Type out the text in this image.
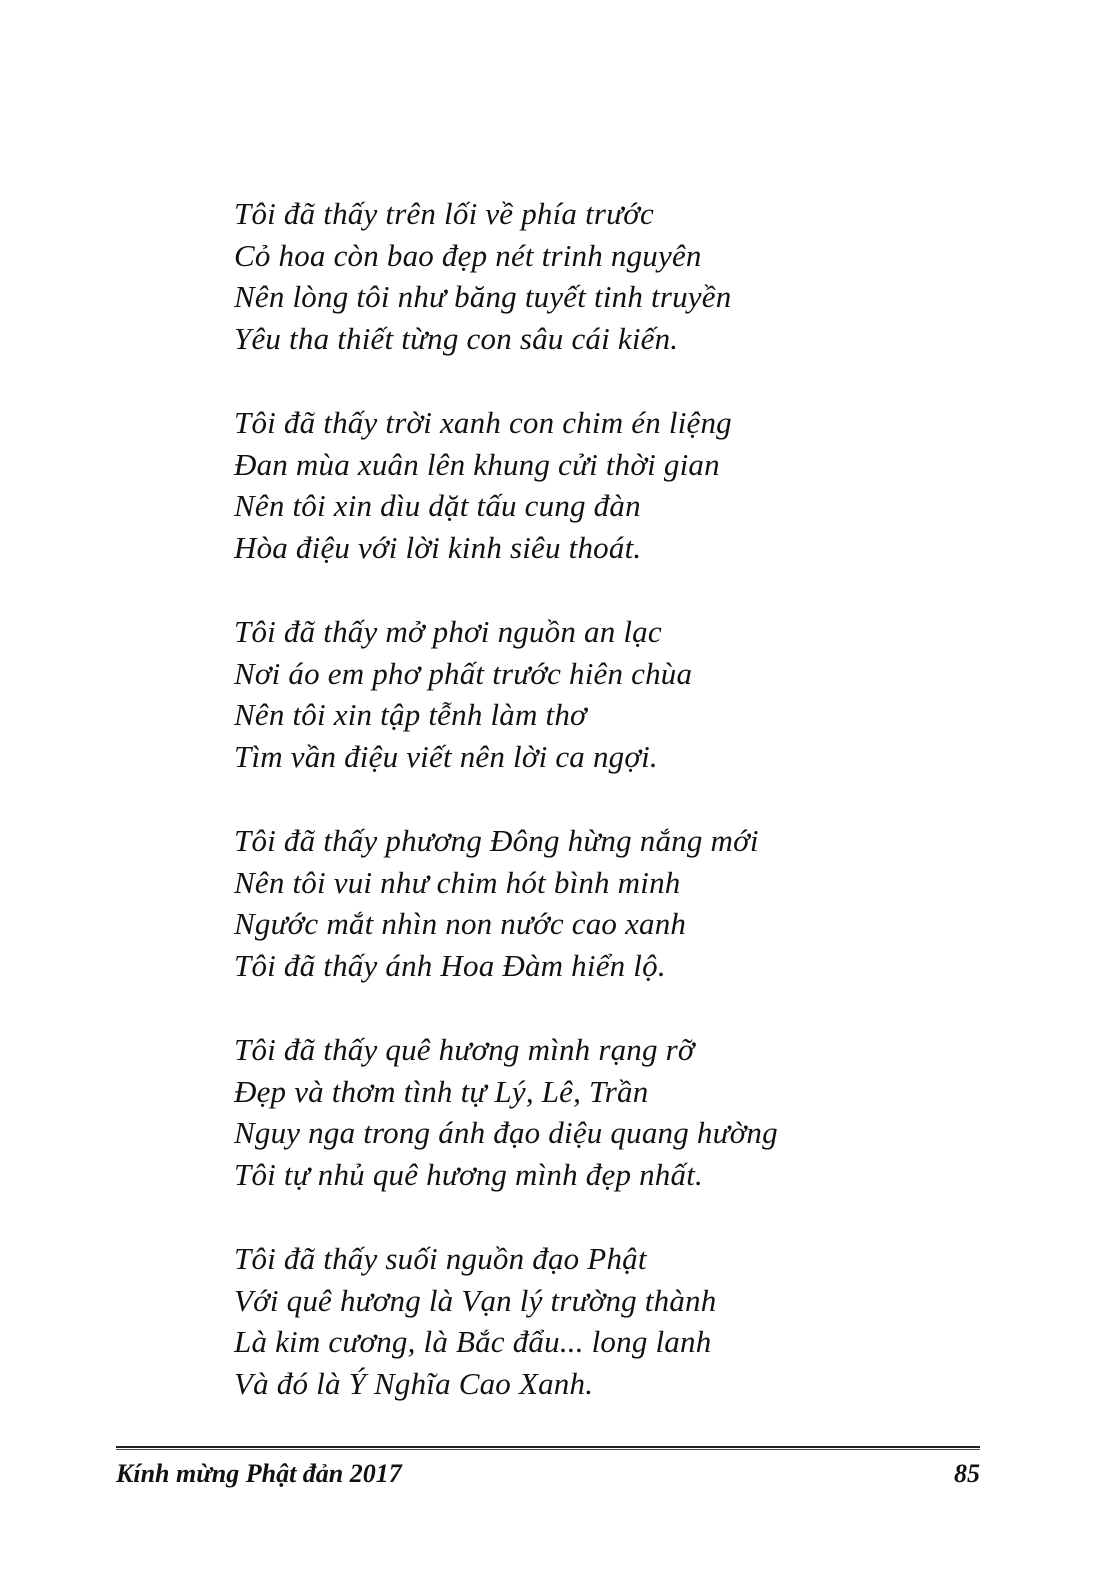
Tôi đã thấy trên lối về phía trước
Cỏ hoa còn bao đẹp nét trinh nguyên
Nên lòng tôi như băng tuyết tinh truyền
Yêu tha thiết từng con sâu cái kiến.
Tôi đã thấy trời xanh con chim én liệng
Đan mùa xuân lên khung cửi thời gian
Nên tôi xin dìu dặt tấu cung đàn
Hòa điệu với lời kinh siêu thoát.
Tôi đã thấy mở phơi nguồn an lạc
Nơi áo em phơ phất trước hiên chùa
Nên tôi xin tập tễnh làm thơ
Tìm vần điệu viết nên lời ca ngợi.
Tôi đã thấy phương Đông hừng nắng mới
Nên tôi vui như chim hót bình minh
Ngước mắt nhìn non nước cao xanh
Tôi đã thấy ánh Hoa Đàm hiển lộ.
Tôi đã thấy quê hương mình rạng rỡ
Đẹp và thơm tình tự Lý, Lê, Trần
Nguy nga trong ánh đạo diệu quang hường
Tôi tự nhủ quê hương mình đẹp nhất.
Tôi đã thấy suối nguồn đạo Phật
Với quê hương là Vạn lý trường thành
Là kim cương, là Bắc đẩu... long lanh
Và đó là Ý Nghĩa Cao Xanh.
Kính mừng Phật đản 2017	85
